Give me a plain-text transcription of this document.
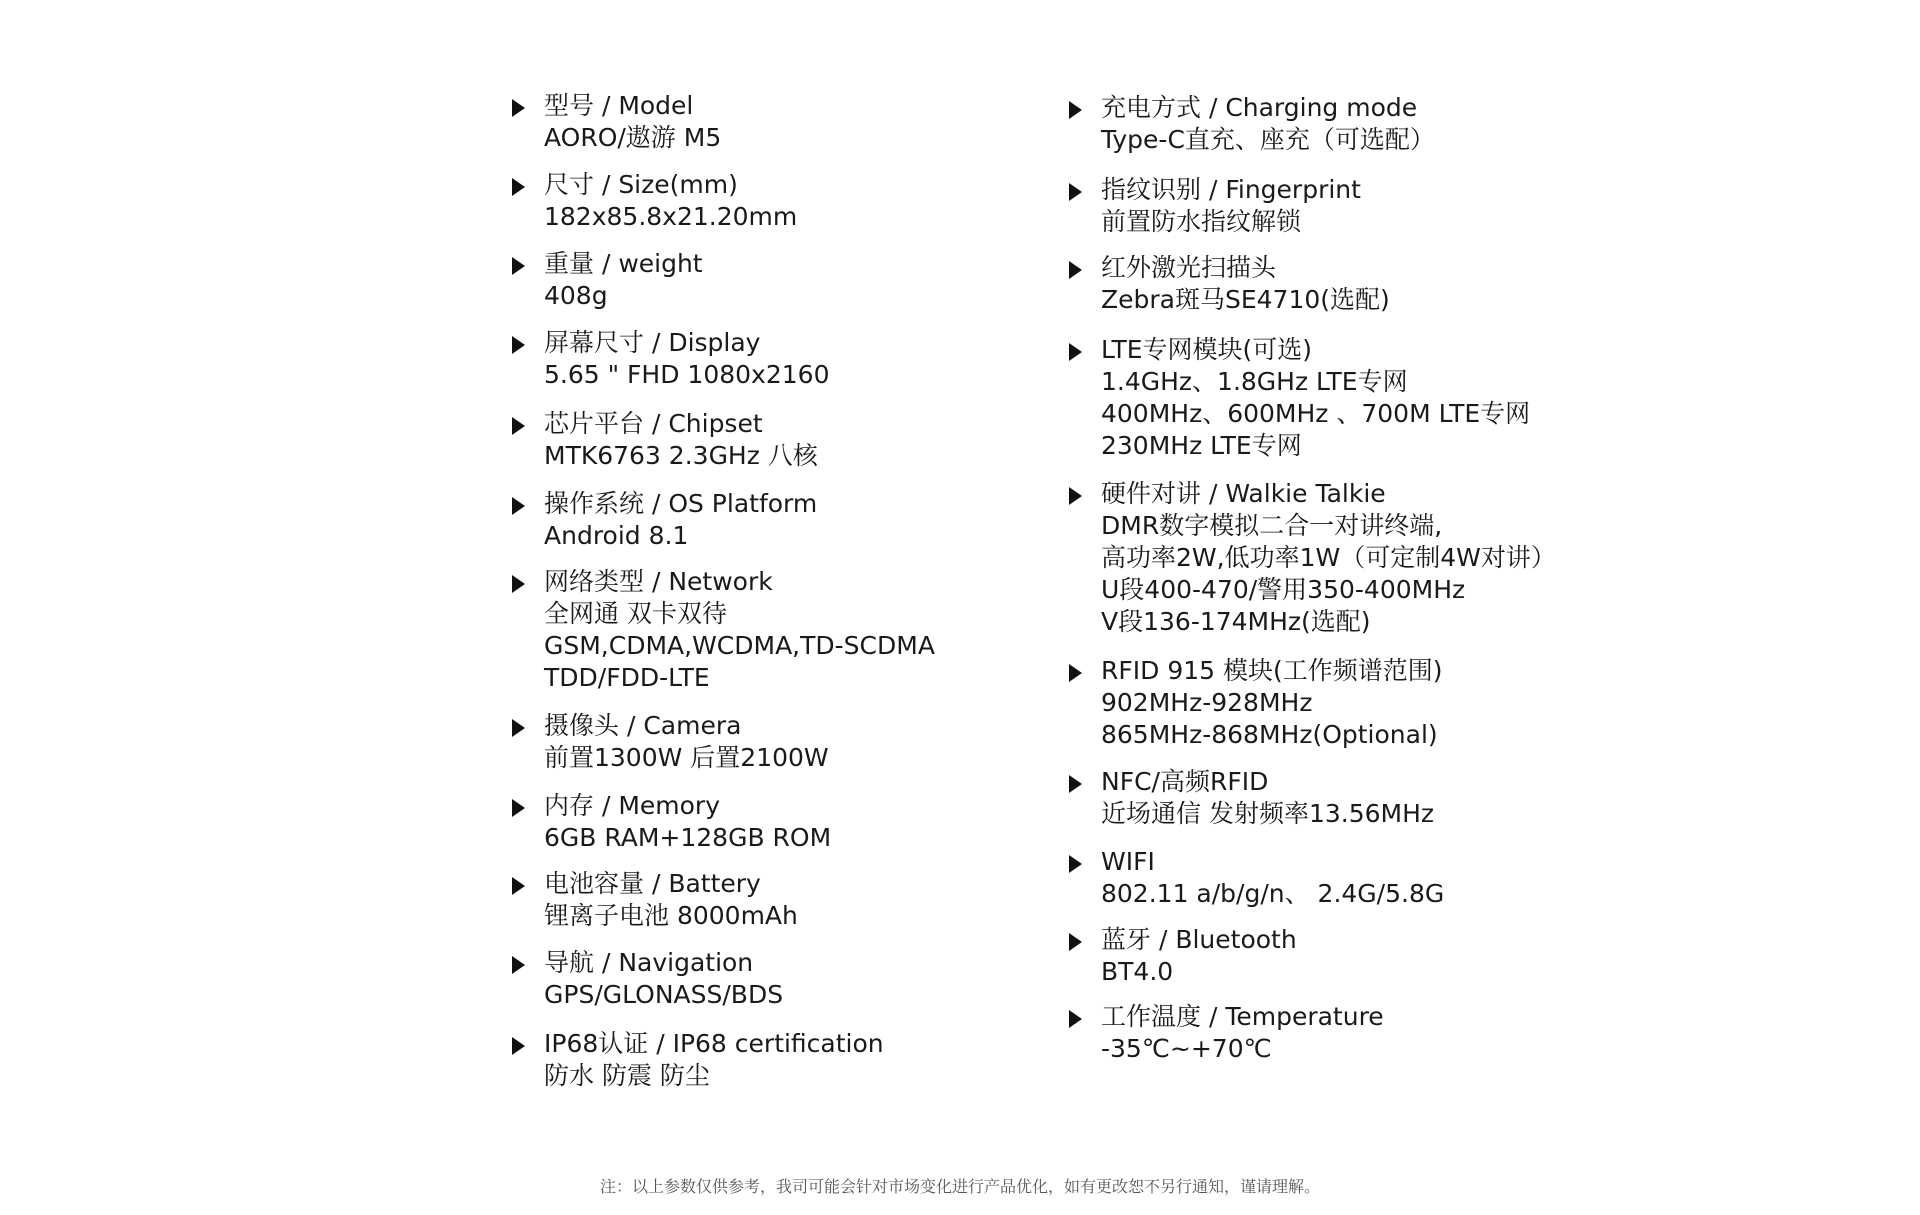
型号 / Model
AORO/遨游 M5
尺寸 / Size(mm)
182x85.8x21.20mm
重量 / weight
408g
屏幕尺寸 / Display
5.65 " FHD 1080x2160
芯片平台 / Chipset
MTK6763 2.3GHz 八核
操作系统 / OS Platform
Android 8.1
网络类型 / Network
全网通 双卡双待
GSM,CDMA,WCDMA,TD-SCDMA
TDD/FDD-LTE
摄像头 / Camera
前置1300W 后置2100W
内存 / Memory
6GB RAM+128GB ROM
电池容量 / Battery
锂离子电池 8000mAh
导航 / Navigation
GPS/GLONASS/BDS
IP68认证 / IP68 certification
防水 防震 防尘
充电方式 / Charging mode
Type-C直充、座充（可选配）
指纹识别 / Fingerprint
前置防水指纹解锁
红外激光扫描头
Zebra斑马SE4710(选配)
LTE专网模块(可选)
1.4GHz、1.8GHz LTE专网
400MHz、600MHz 、700M LTE专网
230MHz LTE专网
硬件对讲 / Walkie Talkie
DMR数字模拟二合一对讲终端,
高功率2W,低功率1W（可定制4W对讲）
U段400-470/警用350-400MHz
V段136-174MHz(选配)
RFID 915 模块(工作频谱范围)
902MHz-928MHz
865MHz-868MHz(Optional)
NFC/高频RFID
近场通信 发射频率13.56MHz
WIFI
802.11 a/b/g/n、 2.4G/5.8G
蓝牙 / Bluetooth
BT4.0
工作温度 / Temperature
-35℃~+70℃
注：以上参数仅供参考，我司可能会针对市场变化进行产品优化，如有更改恕不另行通知，谨请理解。
